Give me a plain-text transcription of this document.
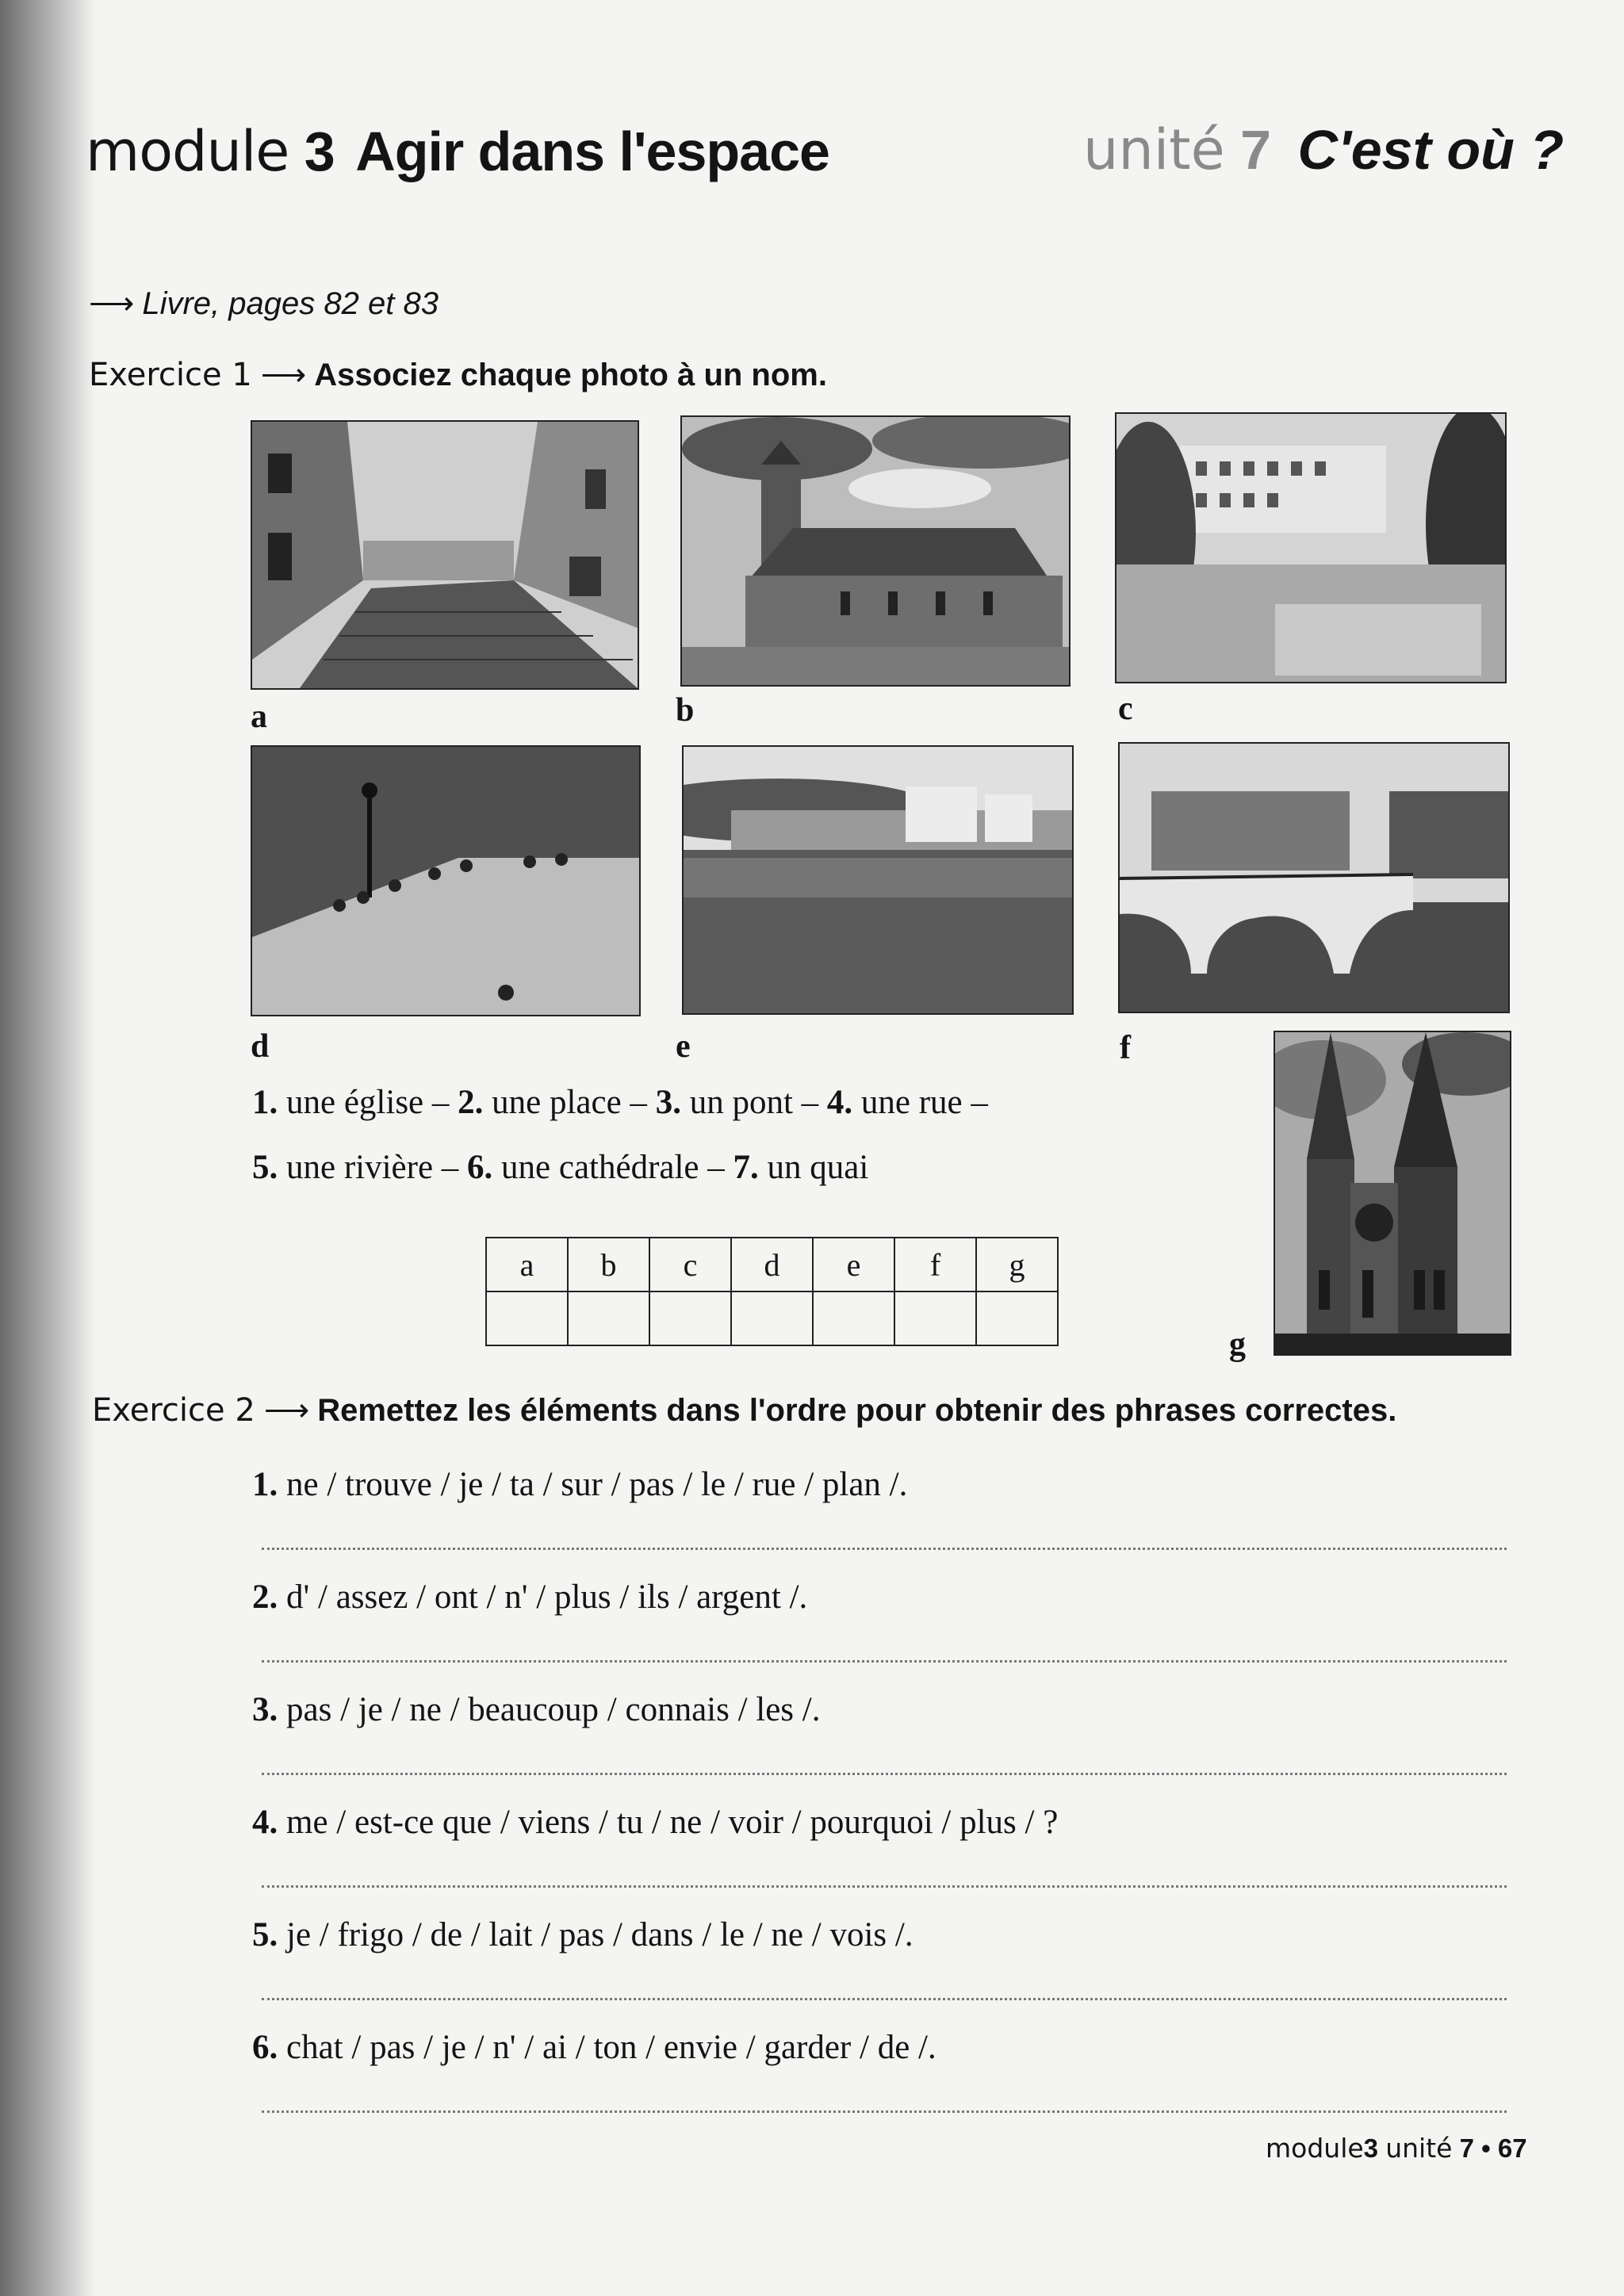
module 3 Agir dans l'espace	unité 7 C'est où ?
⟶ Livre, pages 82 et 83
Exercice 1 ⟶ Associez chaque photo à un nom.
a	b	c
d	e	f
g
1. une église – 2. une place – 3. un pont – 4. une rue –
5. une rivière – 6. une cathédrale – 7. un quai
a	b	c	d	e	f	g

Exercice 2 ⟶ Remettez les éléments dans l'ordre pour obtenir des phrases correctes.
1. ne / trouve / je / ta / sur / pas / le / rue / plan /.
2. d' / assez / ont / n' / plus / ils / argent /.
3. pas / je / ne / beaucoup / connais / les /.
4. me / est-ce que / viens / tu / ne / voir / pourquoi / plus / ?
5. je / frigo / de / lait / pas / dans / le / ne / vois /.
6. chat / pas / je / n' / ai / ton / envie / garder / de /.
module3 unité 7 • 67
